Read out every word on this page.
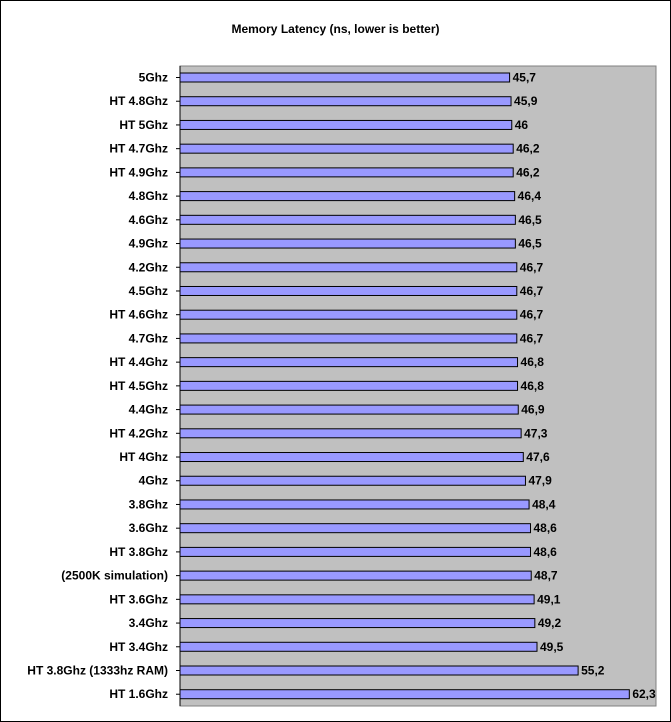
Memory Latency (ns, lower is better)
5Ghz	45,7
HT 4.8Ghz	45,9
HT 5Ghz	46
HT 4.7Ghz	46,2
HT 4.9Ghz	46,2
4.8Ghz	46,4
4.6Ghz	46,5
4.9Ghz	46,5
4.2Ghz	46,7
4.5Ghz	46,7
HT 4.6Ghz	46,7
4.7Ghz	46,7
HT 4.4Ghz	46,8
HT 4.5Ghz	46,8
4.4Ghz	46,9
HT 4.2Ghz	47,3
HT 4Ghz	47,6
4Ghz	47,9
3.8Ghz	48,4
3.6Ghz	48,6
HT 3.8Ghz	48,6
(2500K simulation)	48,7
HT 3.6Ghz	49,1
3.4Ghz	49,2
HT 3.4Ghz	49,5
HT 3.8Ghz (1333hz RAM)	55,2
HT 1.6Ghz	62,3
